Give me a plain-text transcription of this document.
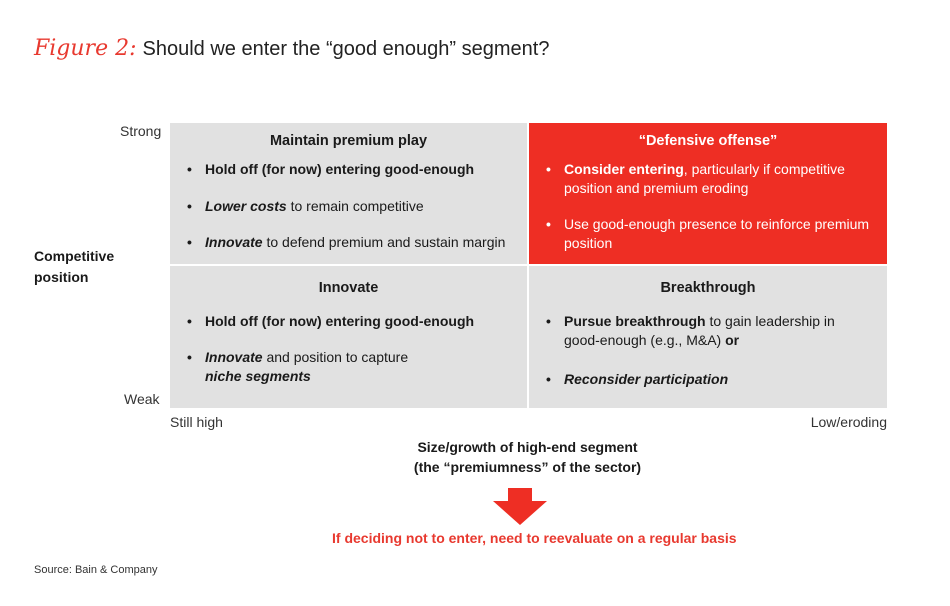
Figure 2: Should we enter the “good enough” segment?
Strong
Weak
Competitive
position
Maintain premium play
• Hold off (for now) entering good-enough
• Lower costs to remain competitive
• Innovate to defend premium and sustain margin
“Defensive offense”
• Consider entering, particularly if competitive position and premium eroding
• Use good-enough presence to reinforce premium position
Innovate
• Hold off (for now) entering good-enough
• Innovate and position to capture
niche segments
Breakthrough
• Pursue breakthrough to gain leadership in good-enough (e.g., M&A) or
• Reconsider participation
Still high	Low/eroding
Size/growth of high-end segment
(the “premiumness” of the sector)
If deciding not to enter, need to reevaluate on a regular basis
Source: Bain & Company
